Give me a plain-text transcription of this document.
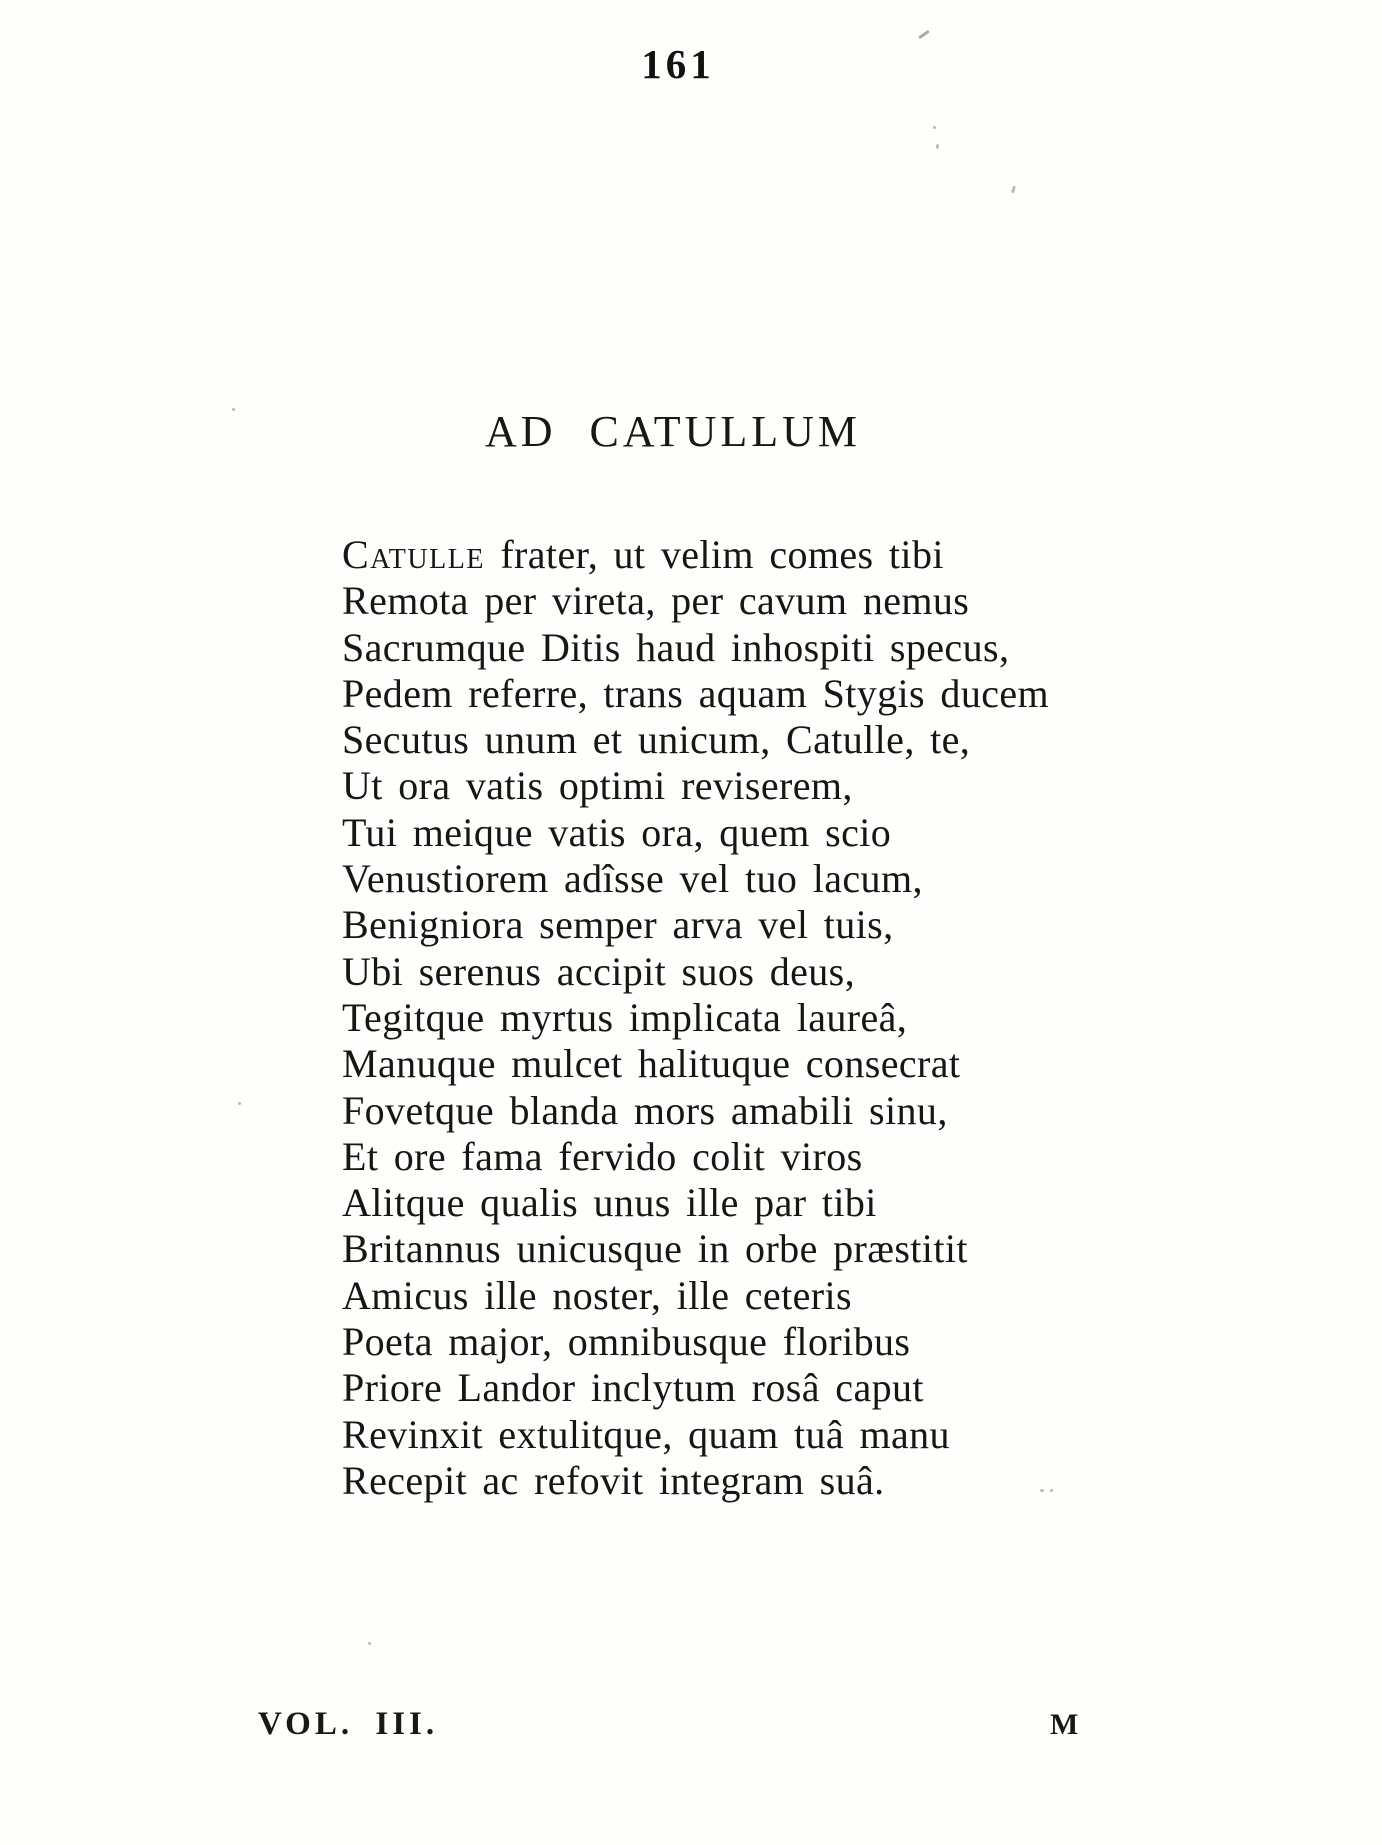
161
AD CATULLUM
Catulle frater, ut velim comes tibi
Remota per vireta, per cavum nemus
Sacrumque Ditis haud inhospiti specus,
Pedem referre, trans aquam Stygis ducem
Secutus unum et unicum, Catulle, te,
Ut ora vatis optimi reviserem,
Tui meique vatis ora, quem scio
Venustiorem adîsse vel tuo lacum,
Benigniora semper arva vel tuis,
Ubi serenus accipit suos deus,
Tegitque myrtus implicata laureâ,
Manuque mulcet halituque consecrat
Fovetque blanda mors amabili sinu,
Et ore fama fervido colit viros
Alitque qualis unus ille par tibi
Britannus unicusque in orbe præstitit
Amicus ille noster, ille ceteris
Poeta major, omnibusque floribus
Priore Landor inclytum rosâ caput
Revinxit extulitque, quam tuâ manu
Recepit ac refovit integram suâ.
VOL. III.	M
